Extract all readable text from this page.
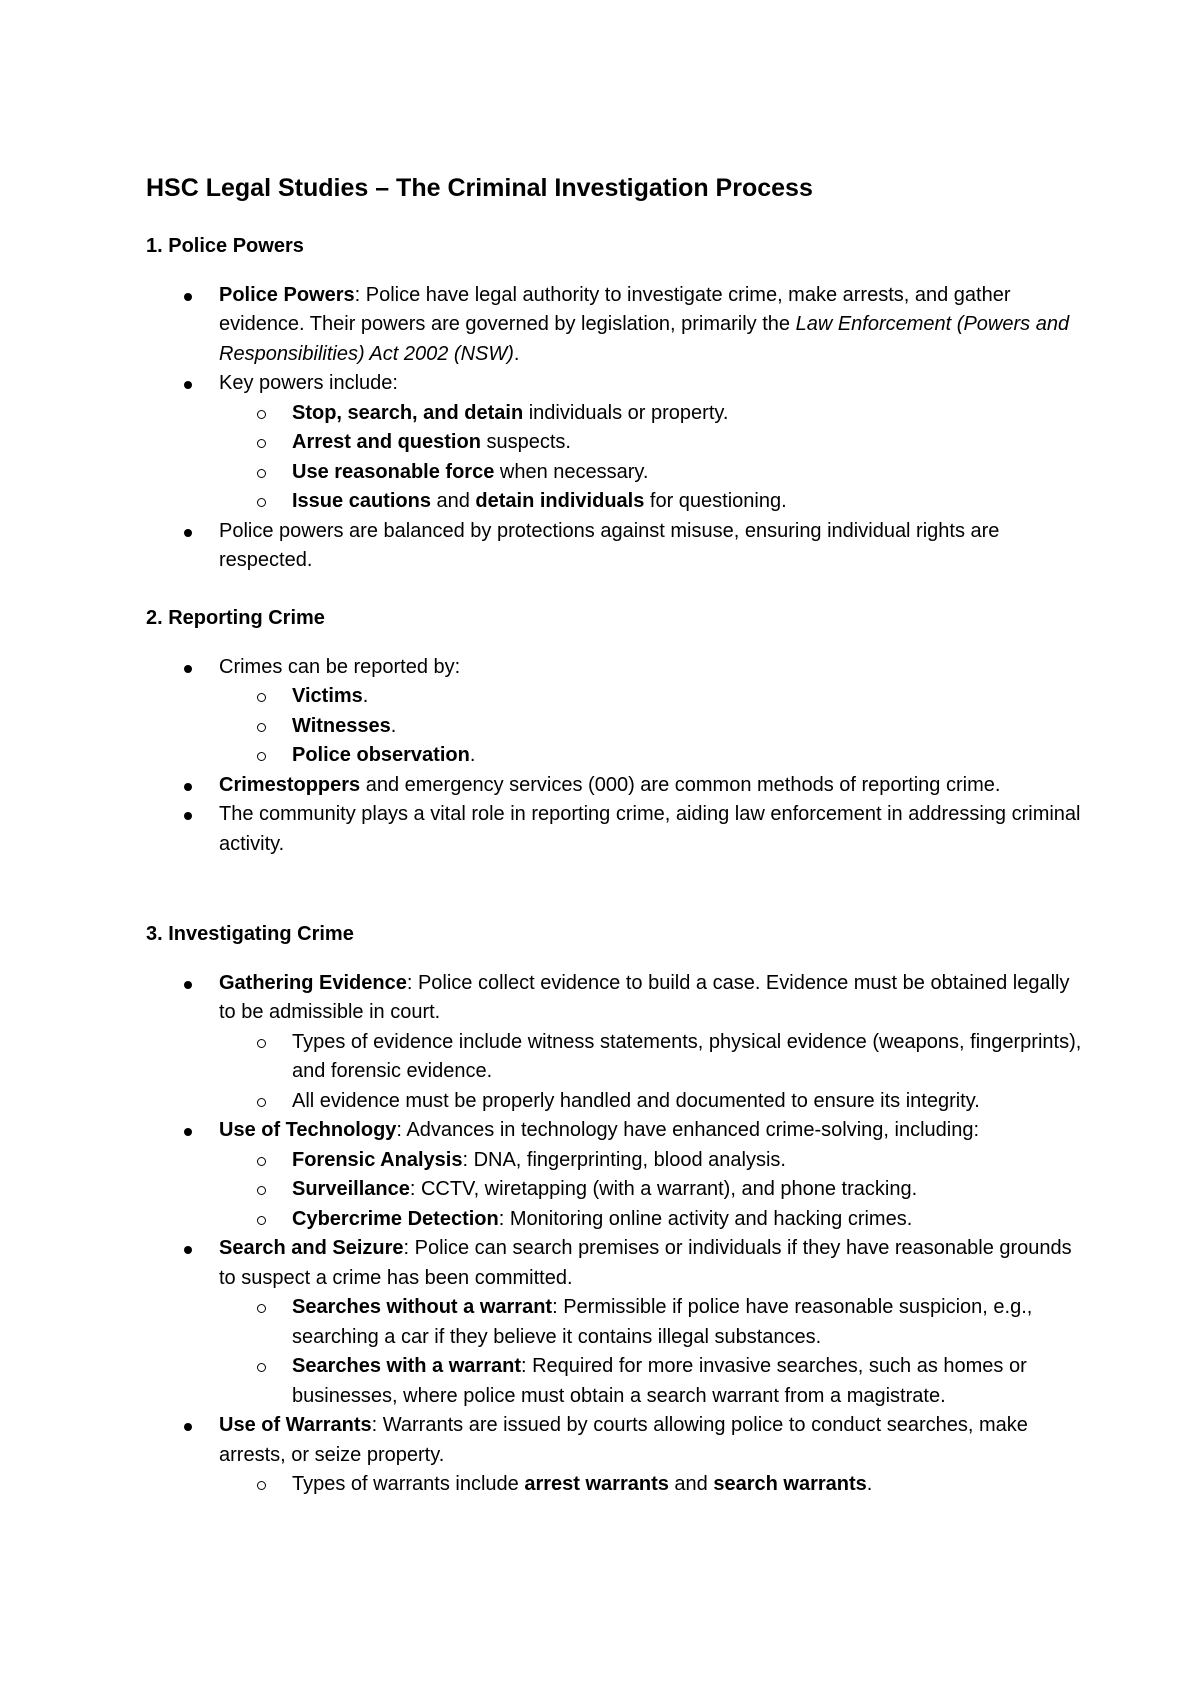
HSC Legal Studies – The Criminal Investigation Process
1. Police Powers
Police Powers: Police have legal authority to investigate crime, make arrests, and gather evidence. Their powers are governed by legislation, primarily the Law Enforcement (Powers and Responsibilities) Act 2002 (NSW).
Key powers include:
Stop, search, and detain individuals or property.
Arrest and question suspects.
Use reasonable force when necessary.
Issue cautions and detain individuals for questioning.
Police powers are balanced by protections against misuse, ensuring individual rights are respected.
2. Reporting Crime
Crimes can be reported by:
Victims.
Witnesses.
Police observation.
Crimestoppers and emergency services (000) are common methods of reporting crime.
The community plays a vital role in reporting crime, aiding law enforcement in addressing criminal activity.
3. Investigating Crime
Gathering Evidence: Police collect evidence to build a case. Evidence must be obtained legally to be admissible in court.
Types of evidence include witness statements, physical evidence (weapons, fingerprints), and forensic evidence.
All evidence must be properly handled and documented to ensure its integrity.
Use of Technology: Advances in technology have enhanced crime-solving, including:
Forensic Analysis: DNA, fingerprinting, blood analysis.
Surveillance: CCTV, wiretapping (with a warrant), and phone tracking.
Cybercrime Detection: Monitoring online activity and hacking crimes.
Search and Seizure: Police can search premises or individuals if they have reasonable grounds to suspect a crime has been committed.
Searches without a warrant: Permissible if police have reasonable suspicion, e.g., searching a car if they believe it contains illegal substances.
Searches with a warrant: Required for more invasive searches, such as homes or businesses, where police must obtain a search warrant from a magistrate.
Use of Warrants: Warrants are issued by courts allowing police to conduct searches, make arrests, or seize property.
Types of warrants include arrest warrants and search warrants.
